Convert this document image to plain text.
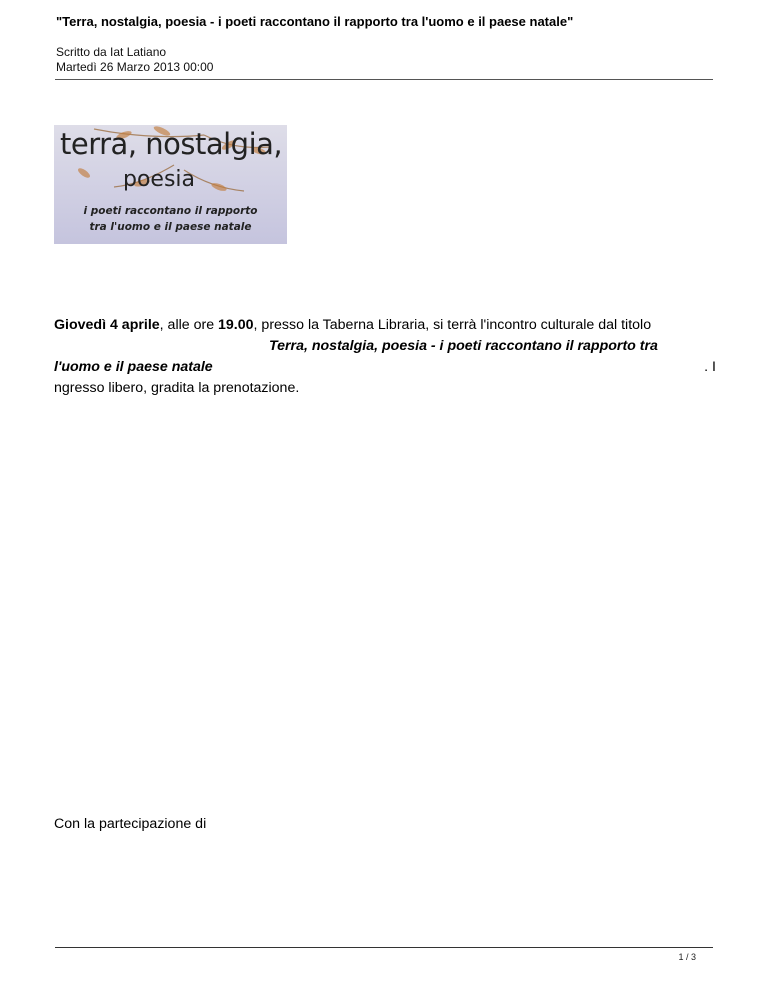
"Terra, nostalgia, poesia - i poeti raccontano il rapporto tra l'uomo e il paese natale"
Scritto da Iat Latiano
Martedì 26 Marzo 2013 00:00
terra, nostalgia,
poesia
i poeti raccontano il rapporto
tra l'uomo e il paese natale
Giovedì 4 aprile, alle ore 19.00, presso la Taberna Libraria, si terrà l'incontro culturale dal titolo
Terra, nostalgia, poesia - i poeti raccontano il rapporto tra
l'uomo e il paese natale	. I
ngresso libero, gradita la prenotazione.
Con la partecipazione di
1 / 3
